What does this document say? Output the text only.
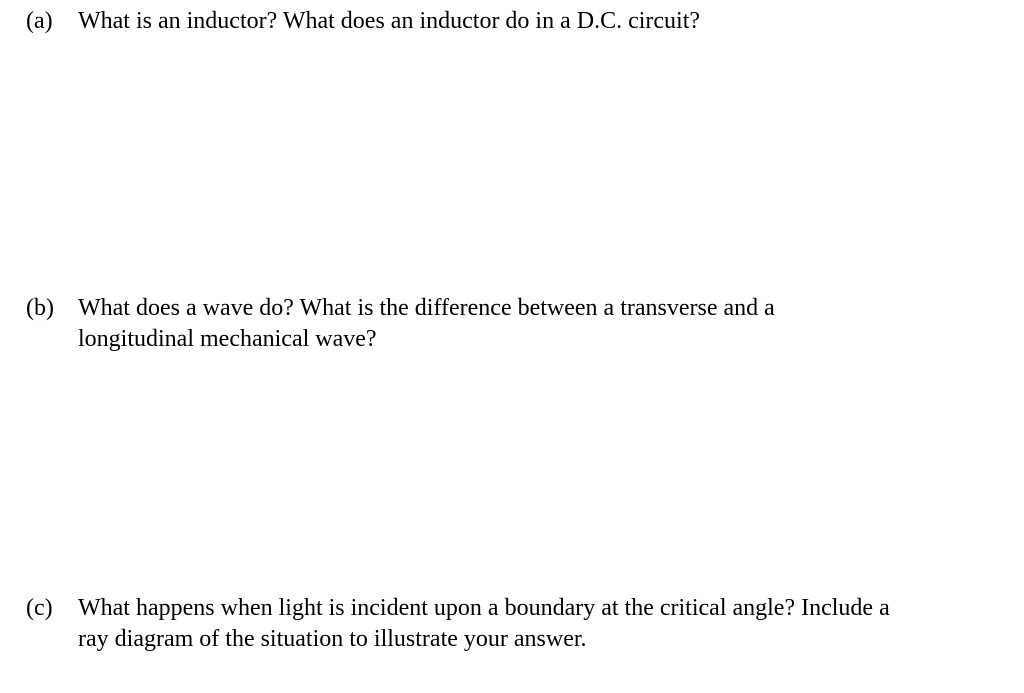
(a)	What is an inductor? What does an inductor do in a D.C. circuit?
(b)	What does a wave do? What is the difference between a transverse and a
longitudinal mechanical wave?
(c)	What happens when light is incident upon a boundary at the critical angle? Include a
ray diagram of the situation to illustrate your answer.
